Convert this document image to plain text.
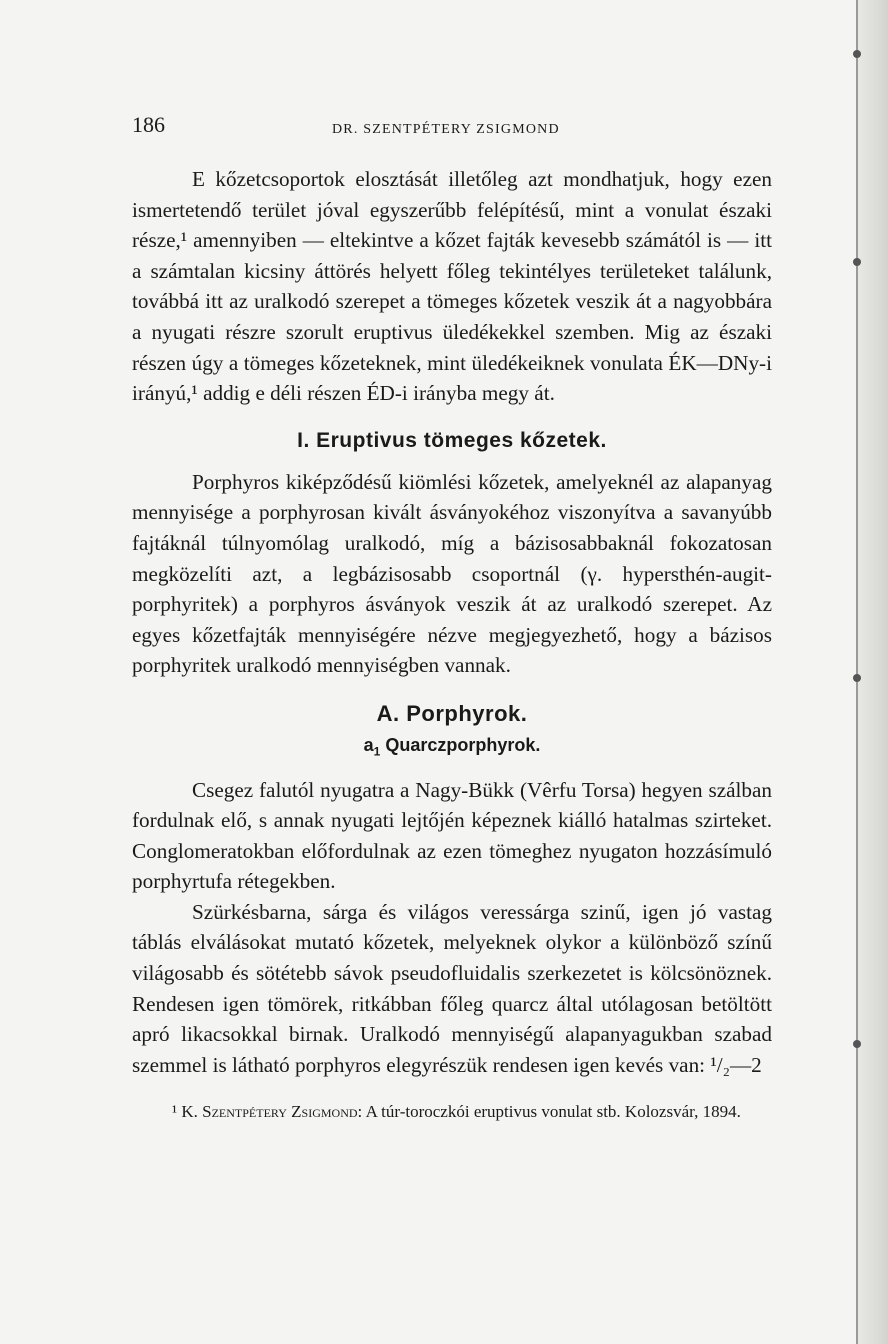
186	DR. SZENTPÉTERY ZSIGMOND

E kőzetcsoportok elosztását illetőleg azt mondhatjuk, hogy ezen ismertetendő terület jóval egyszerűbb felépítésű, mint a vonulat északi része,¹ amennyiben — eltekintve a kőzet fajták kevesebb számától is — itt a számtalan kicsiny áttörés helyett főleg tekintélyes területeket találunk, továbbá itt az uralkodó szerepet a tömeges kőzetek veszik át a nagyobbára a nyugati részre szorult eruptivus üledékekkel szemben. Mig az északi részen úgy a tömeges kőzeteknek, mint üledékeiknek vonulata ÉK—DNy-i irányú,¹ addig e déli részen ÉD-i irányba megy át.

I. Eruptivus tömeges kőzetek.

Porphyros kiképződésű kiömlési kőzetek, amelyeknél az alapanyag mennyisége a porphyrosan kivált ásványokéhoz viszonyítva a savanyúbb fajtáknál túlnyomólag uralkodó, míg a bázisosabbaknál fokozatosan megközelíti azt, a legbázisosabb csoportnál (γ. hypersthén-augit-porphyritek) a porphyros ásványok veszik át az uralkodó szerepet. Az egyes kőzetfajták mennyiségére nézve megjegyezhető, hogy a bázisos porphyritek uralkodó mennyiségben vannak.

A. Porphyrok.
$a_1$ Quarczporphyrok.

Csegez falutól nyugatra a Nagy-Bükk (Vêrfu Torsa) hegyen szálban fordulnak elő, s annak nyugati lejtőjén képeznek kiálló hatalmas szirteket. Conglomeratokban előfordulnak az ezen tömeghez nyugaton hozzásímuló porphyrtufa rétegekben.

Szürkésbarna, sárga és világos veressárga szinű, igen jó vastag táblás elválásokat mutató kőzetek, melyeknek olykor a különböző színű világosabb és sötétebb sávok pseudofluidalis szerkezetet is kölcsönöznek. Rendesen igen tömörek, ritkábban főleg quarcz által utólagosan betöltött apró likacsokkal birnak. Uralkodó mennyiségű alapanyagukban szabad szemmel is látható porphyros elegyrészük rendesen igen kevés van: ¹/₂—2

¹ K. Szentpétery Zsigmond: A túr-toroczkói eruptivus vonulat stb. Kolozsvár, 1894.
